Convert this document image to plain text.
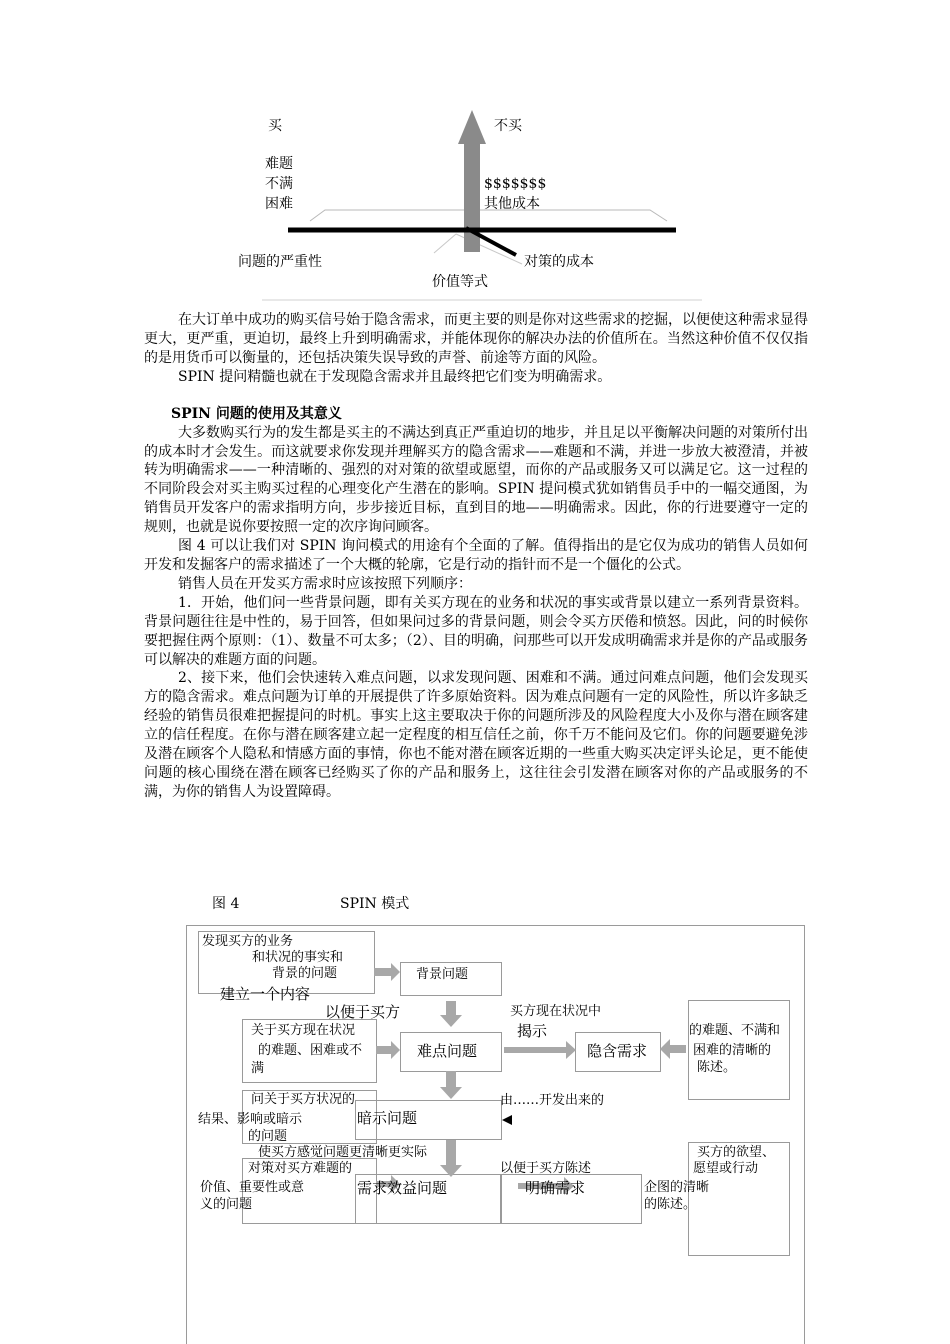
买	不买
难题
不满
困难
$$$$$$$
其他成本
问题的严重性	对策的成本
价值等式

在大订单中成功的购买信号始于隐含需求，而更主要的则是你对这些需求的挖掘，以便使这种需求显得更大，更严重，更迫切，最终上升到明确需求，并能体现你的解决办法的价值所在。当然这种价值不仅仅指的是用货币可以衡量的，还包括决策失误导致的声誉、前途等方面的风险。

SPIN 提问精髓也就在于发现隐含需求并且最终把它们变为明确需求。

SPIN 问题的使用及其意义

大多数购买行为的发生都是买主的不满达到真正严重迫切的地步，并且足以平衡解决问题的对策所付出的成本时才会发生。而这就要求你发现并理解买方的隐含需求——难题和不满，并进一步放大被澄清，并被转为明确需求——一种清晰的、强烈的对对策的欲望或愿望，而你的产品或服务又可以满足它。这一过程的不同阶段会对买主购买过程的心理变化产生潜在的影响。SPIN 提问模式犹如销售员手中的一幅交通图，为销售员开发客户的需求指明方向，步步接近目标，直到目的地——明确需求。因此，你的行进要遵守一定的规则，也就是说你要按照一定的次序询问顾客。

图 4 可以让我们对 SPIN 询问模式的用途有个全面的了解。值得指出的是它仅为成功的销售人员如何开发和发掘客户的需求描述了一个大概的轮廓，它是行动的指针而不是一个僵化的公式。

销售人员在开发买方需求时应该按照下列顺序：

1．开始，他们问一些背景问题，即有关买方现在的业务和状况的事实或背景以建立一系列背景资料。背景问题往往是中性的，易于回答，但如果问过多的背景问题，则会令买方厌倦和愤怒。因此，问的时候你要把握住两个原则：（1）、数量不可太多；（2）、目的明确，问那些可以开发成明确需求并是你的产品或服务可以解决的难题方面的问题。

2、接下来，他们会快速转入难点问题，以求发现问题、困难和不满。通过问难点问题，他们会发现买方的隐含需求。难点问题为订单的开展提供了许多原始资料。因为难点问题有一定的风险性，所以许多缺乏经验的销售员很难把握提问的时机。事实上这主要取决于你的问题所涉及的风险程度大小及你与潜在顾客建立的信任程度。在你与潜在顾客建立起一定程度的相互信任之前，你千万不能问及它们。你的问题要避免涉及潜在顾客个人隐私和情感方面的事情，你也不能对潜在顾客近期的一些重大购买决定评头论足，更不能使问题的核心围绕在潜在顾客已经购买了你的产品和服务上，这往往会引发潜在顾客对你的产品或服务的不满，为你的销售人为设置障碍。

图 4	SPIN 模式
发现买方的业务
和状况的事实和
背景的问题
建立一个内容
背景问题
以便于买方	买方现在状况中
揭示
关于买方现在状况
的难题、困难或不
满
难点问题	隐含需求
的难题、不满和
困难的清晰的
陈述。
问关于买方状况的
结果、影响或暗示
的问题
由……开发出来的
暗示问题
使买方感觉问题更清晰更实际
对策对买方难题的
价值、重要性或意
义的问题
需求效益问题
以便于买方陈述
明确需求
买方的欲望、
愿望或行动
企图的清晰
的陈述。
